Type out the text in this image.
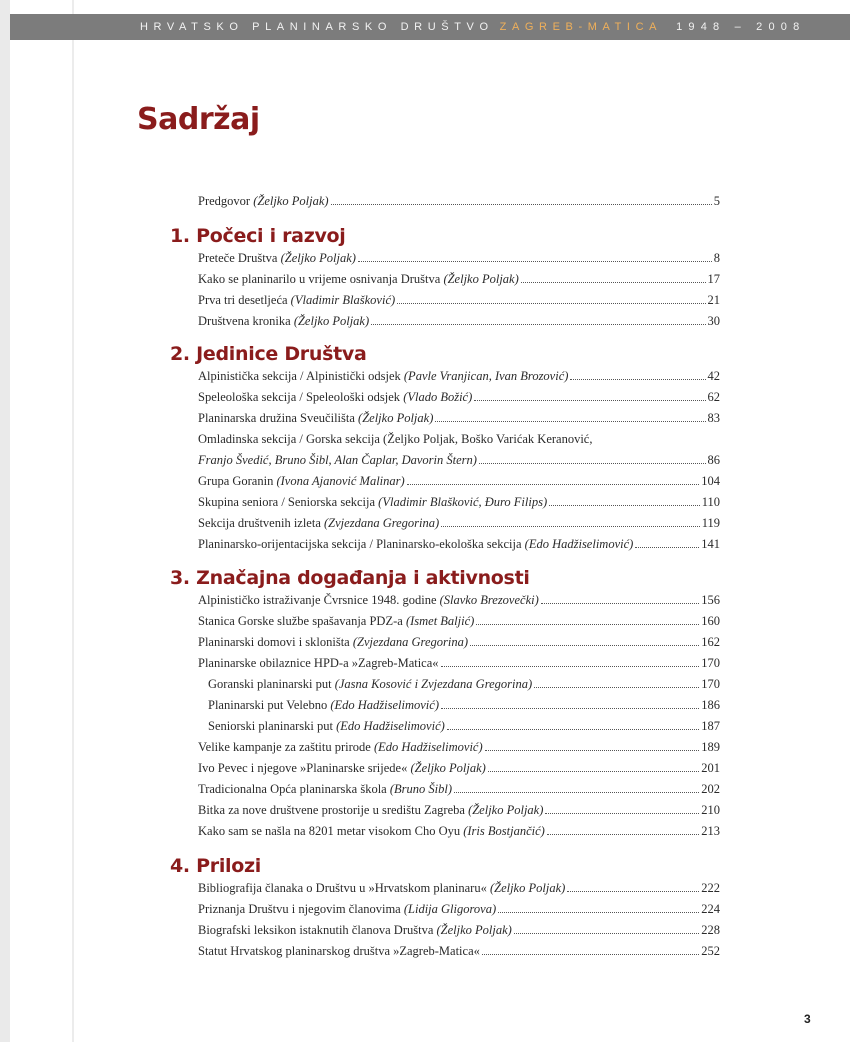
HRVATSKO PLANINARSKO DRUŠTVO ZAGREB-MATICA 1948 – 2008
Sadržaj
Predgovor (Željko Poljak)	5
1. Počeci i razvoj
Preteče Društva (Željko Poljak)	8
Kako se planinarilo u vrijeme osnivanja Društva (Željko Poljak)	17
Prva tri desetljeća (Vladimir Blašković)	21
Društvena kronika (Željko Poljak)	30
2. Jedinice Društva
Alpinistička sekcija / Alpinistički odsjek (Pavle Vranjican, Ivan Brozović)	42
Speleološka sekcija / Speleološki odsjek (Vlado Božić)	62
Planinarska družina Sveučilišta (Željko Poljak)	83
Omladinska sekcija / Gorska sekcija (Željko Poljak, Boško Varićak Keranović,
Franjo Švedić, Bruno Šibl, Alan Čaplar, Davorin Štern)	86
Grupa Goranin (Ivona Ajanović Malinar)	104
Skupina seniora / Seniorska sekcija (Vladimir Blašković, Đuro Filips)	110
Sekcija društvenih izleta (Zvjezdana Gregorina)	119
Planinarsko-orijentacijska sekcija / Planinarsko-ekološka sekcija (Edo Hadžiselimović)	141
3. Značajna događanja i aktivnosti
Alpinističko istraživanje Čvrsnice 1948. godine (Slavko Brezovečki)	156
Stanica Gorske službe spašavanja PDZ-a (Ismet Baljić)	160
Planinarski domovi i skloništa (Zvjezdana Gregorina)	162
Planinarske obilaznice HPD-a »Zagreb-Matica«	170
Goranski planinarski put (Jasna Kosović i Zvjezdana Gregorina)	170
Planinarski put Velebno (Edo Hadžiselimović)	186
Seniorski planinarski put (Edo Hadžiselimović)	187
Velike kampanje za zaštitu prirode (Edo Hadžiselimović)	189
Ivo Pevec i njegove »Planinarske srijede« (Željko Poljak)	201
Tradicionalna Opća planinarska škola (Bruno Šibl)	202
Bitka za nove društvene prostorije u središtu Zagreba (Željko Poljak)	210
Kako sam se našla na 8201 metar visokom Cho Oyu (Iris Bostjančić)	213
4. Prilozi
Bibliografija članaka o Društvu u »Hrvatskom planinaru« (Željko Poljak)	222
Priznanja Društvu i njegovim članovima (Lidija Gligorova)	224
Biografski leksikon istaknutih članova Društva (Željko Poljak)	228
Statut Hrvatskog planinarskog društva »Zagreb-Matica«	252
3
